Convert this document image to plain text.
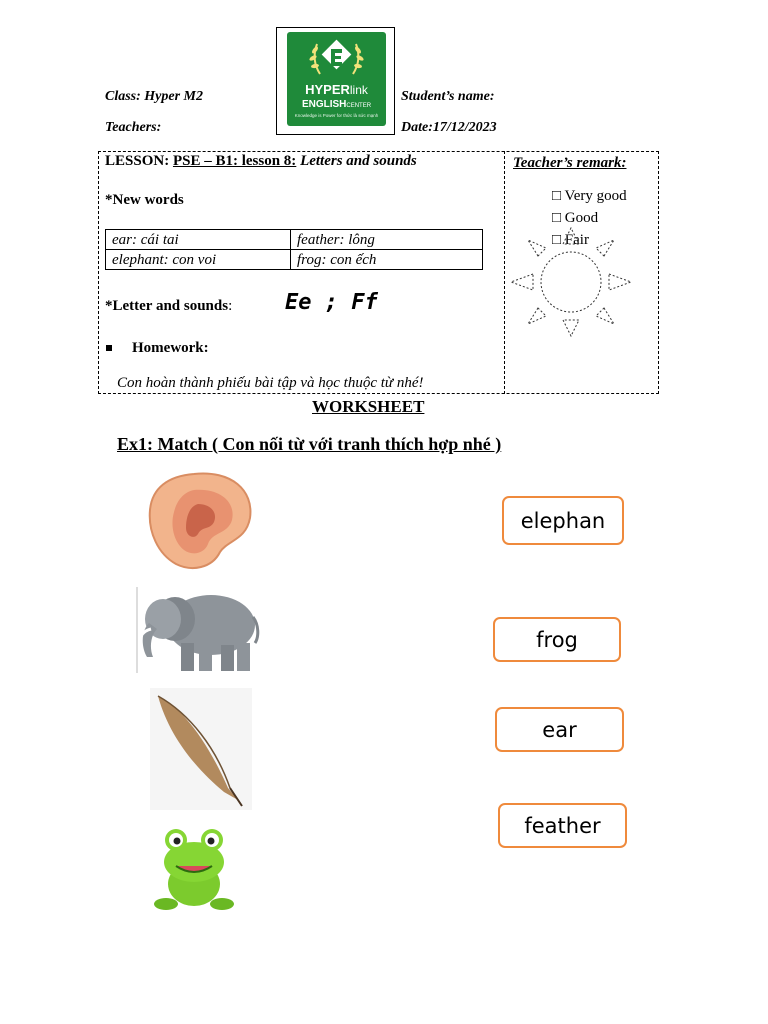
Class: Hyper M2
Teachers:
Student’s name:
Date:17/12/2023
HYPERlink
ENGLISHCENTER
Knowledge is Power for thức là sức mạnh
LESSON: PSE – B1: lesson 8: Letters and sounds	Teacher’s remark:
□ Very good
□ Good
□ Fair
*New words
ear: cái tai	feather: lông
elephant: con voi	frog: con ếch
*Letter and sounds: Ee ; Ff
Homework:
Con hoàn thành phiếu bài tập và học thuộc từ nhé!
WORKSHEET
Ex1: Match ( Con nối từ với tranh thích hợp nhé )
elephan
frog
ear
feather
